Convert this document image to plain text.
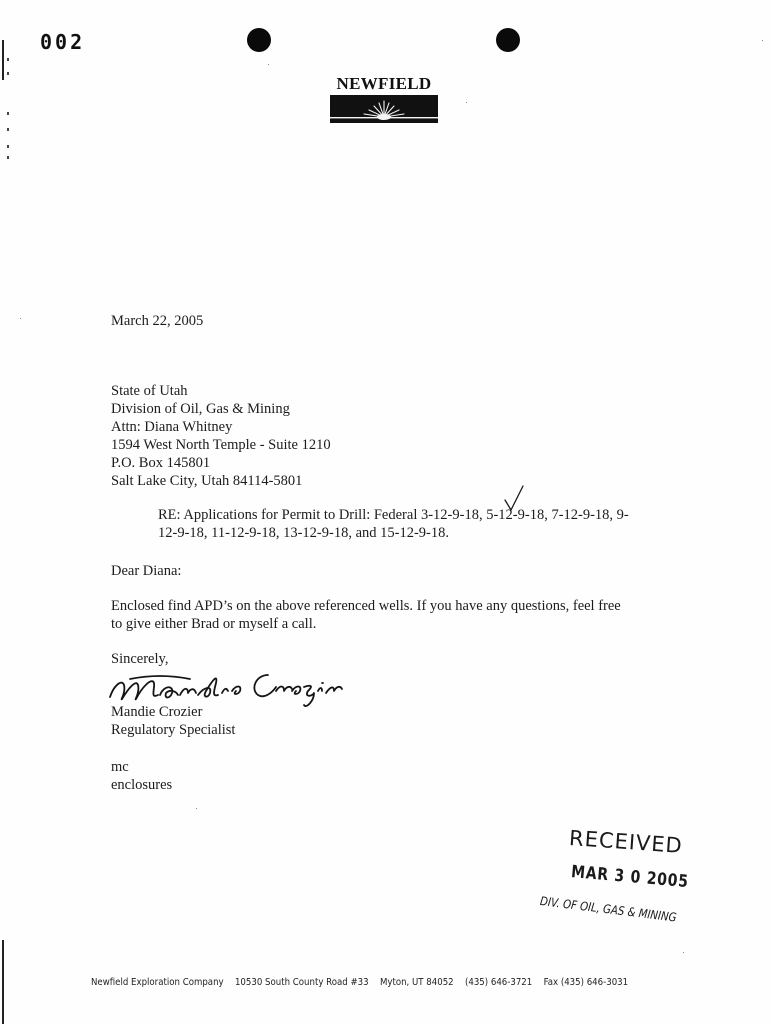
002
NEWFIELD
March 22, 2005
State of Utah
Division of Oil, Gas & Mining
Attn: Diana Whitney
1594 West North Temple - Suite 1210
P.O. Box 145801
Salt Lake City, Utah 84114-5801
RE: Applications for Permit to Drill: Federal 3-12-9-18, 5-12-9-18, 7-12-9-18, 9-
12-9-18, 11-12-9-18, 13-12-9-18, and 15-12-9-18.
Dear Diana:
Enclosed find APD’s on the above referenced wells. If you have any questions, feel free
to give either Brad or myself a call.
Sincerely,
Mandie Crozier
Regulatory Specialist
mc
enclosures
RECEIVED
MAR 3 0 2005
DIV. OF OIL, GAS & MINING
Newfield Exploration Company 10530 South County Road #33 Myton, UT 84052 (435) 646-3721 Fax (435) 646-3031
